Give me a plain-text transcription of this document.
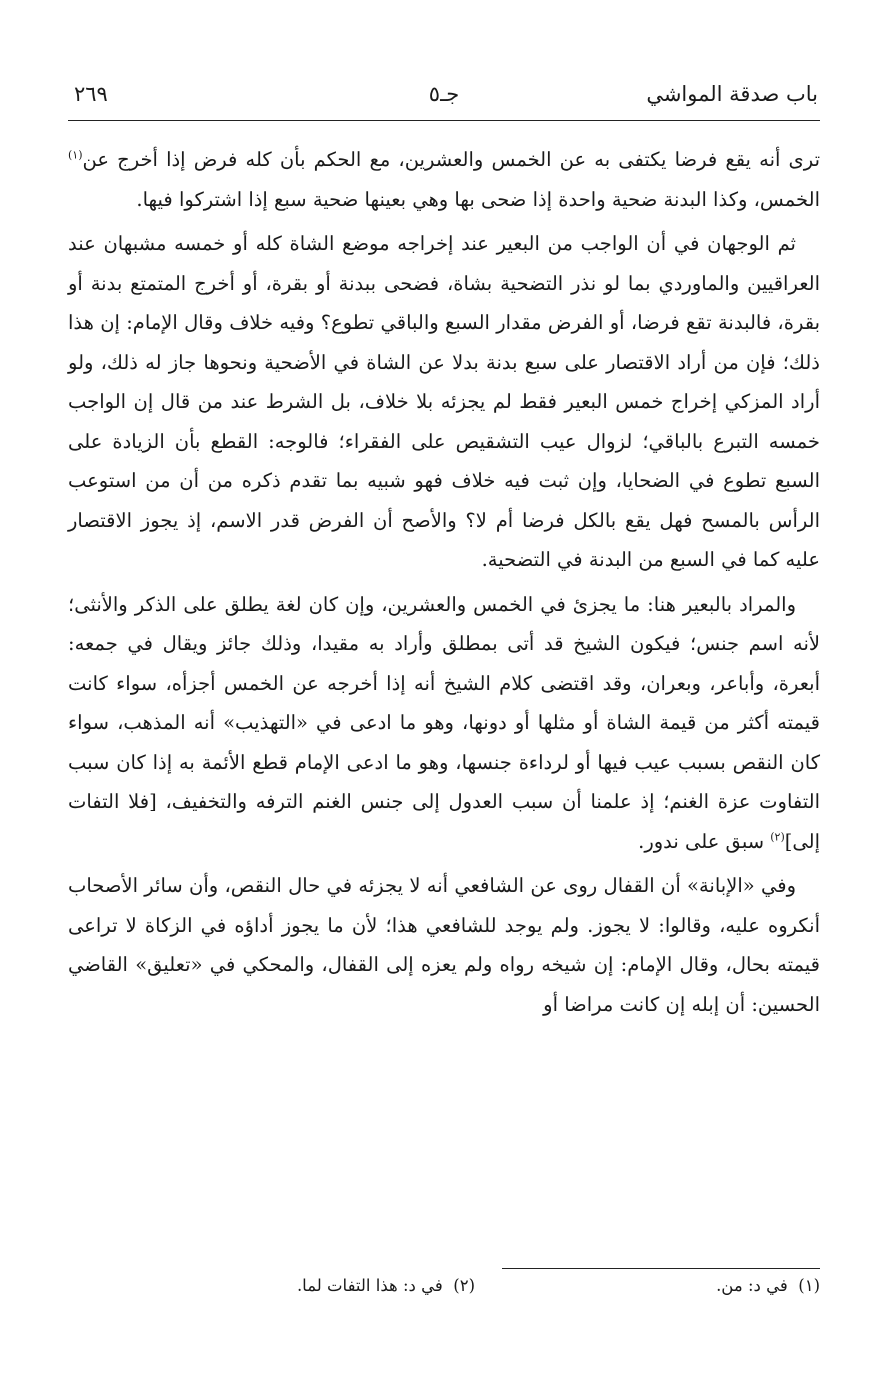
باب صدقة المواشي
جـ٥
٢٦٩

ترى أنه يقع فرضا يكتفى به عن الخمس والعشرين، مع الحكم بأن كله فرض إذا أخرج عن$^{(١)}$ الخمس، وكذا البدنة ضحية واحدة إذا ضحى بها وهي بعينها ضحية سبع إذا اشتركوا فيها.

ثم الوجهان في أن الواجب من البعير عند إخراجه موضع الشاة كله أو خمسه مشبهان عند العراقيين والماوردي بما لو نذر التضحية بشاة، فضحى ببدنة أو بقرة، أو أخرج المتمتع بدنة أو بقرة، فالبدنة تقع فرضا، أو الفرض مقدار السبع والباقي تطوع؟ وفيه خلاف وقال الإمام: إن هذا ذلك؛ فإن من أراد الاقتصار على سبع بدنة بدلا عن الشاة في الأضحية ونحوها جاز له ذلك، ولو أراد المزكي إخراج خمس البعير فقط لم يجزئه بلا خلاف، بل الشرط عند من قال إن الواجب خمسه التبرع بالباقي؛ لزوال عيب التشقيص على الفقراء؛ فالوجه: القطع بأن الزيادة على السبع تطوع في الضحايا، وإن ثبت فيه خلاف فهو شبيه بما تقدم ذكره من أن من استوعب الرأس بالمسح فهل يقع بالكل فرضا أم لا؟ والأصح أن الفرض قدر الاسم، إذ يجوز الاقتصار عليه كما في السبع من البدنة في التضحية.

والمراد بالبعير هنا: ما يجزئ في الخمس والعشرين، وإن كان لغة يطلق على الذكر والأنثى؛ لأنه اسم جنس؛ فيكون الشيخ قد أتى بمطلق وأراد به مقيدا، وذلك جائز ويقال في جمعه: أبعرة، وأباعر، وبعران، وقد اقتضى كلام الشيخ أنه إذا أخرجه عن الخمس أجزأه، سواء كانت قيمته أكثر من قيمة الشاة أو مثلها أو دونها، وهو ما ادعى في «التهذيب» أنه المذهب، سواء كان النقص بسبب عيب فيها أو لرداءة جنسها، وهو ما ادعى الإمام قطع الأئمة به إذا كان سبب التفاوت عزة الغنم؛ إذ علمنا أن سبب العدول إلى جنس الغنم الترفه والتخفيف، [فلا التفات إلى]$^{(٢)}$ سبق على ندور.

وفي «الإبانة» أن القفال روى عن الشافعي أنه لا يجزئه في حال النقص، وأن سائر الأصحاب أنكروه عليه، وقالوا: لا يجوز. ولم يوجد للشافعي هذا؛ لأن ما يجوز أداؤه في الزكاة لا تراعى قيمته بحال، وقال الإمام: إن شيخه رواه ولم يعزه إلى القفال، والمحكي في «تعليق» القاضي الحسين: أن إبله إن كانت مراضا أو

(١)  في د: من.
(٢)  في د: هذا التفات لما.
